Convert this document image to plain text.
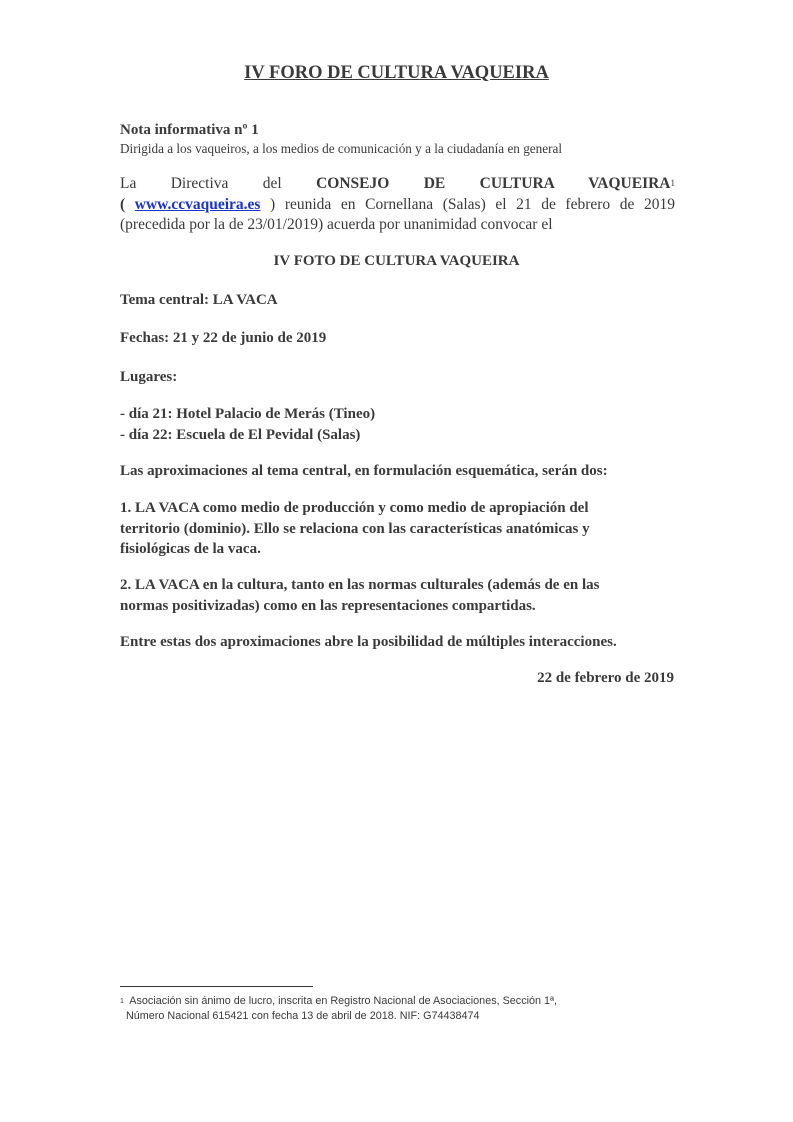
IV FORO DE CULTURA VAQUEIRA

Nota informativa nº 1

Dirigida a los vaqueiros, a los medios de comunicación y a la ciudadanía en general

La Directiva del CONSEJO DE CULTURA VAQUEIRA$^1$
( www.ccvaqueira.es ) reunida en Cornellana (Salas) el 21 de febrero de 2019
(precedida por la de 23/01/2019) acuerda por unanimidad convocar el

IV FOTO DE CULTURA VAQUEIRA

Tema central: LA VACA

Fechas: 21 y 22 de junio de 2019

Lugares:

- día 21: Hotel Palacio de Merás (Tineo)
- día 22: Escuela de El Pevidal (Salas)

Las aproximaciones al tema central, en formulación esquemática, serán dos:

1. LA VACA como medio de producción y como medio de apropiación del
territorio (dominio). Ello se relaciona con las características anatómicas y
fisiológicas de la vaca.
2. LA VACA en la cultura, tanto en las normas culturales (además de en las
normas positivizadas) como en las representaciones compartidas.

Entre estas dos aproximaciones abre la posibilidad de múltiples interacciones.

22 de febrero de 2019

$^1$  Asociación sin ánimo de lucro, inscrita en Registro Nacional de Asociaciones, Sección 1ª,
Número Nacional 615421 con fecha 13 de abril de 2018. NIF: G74438474
